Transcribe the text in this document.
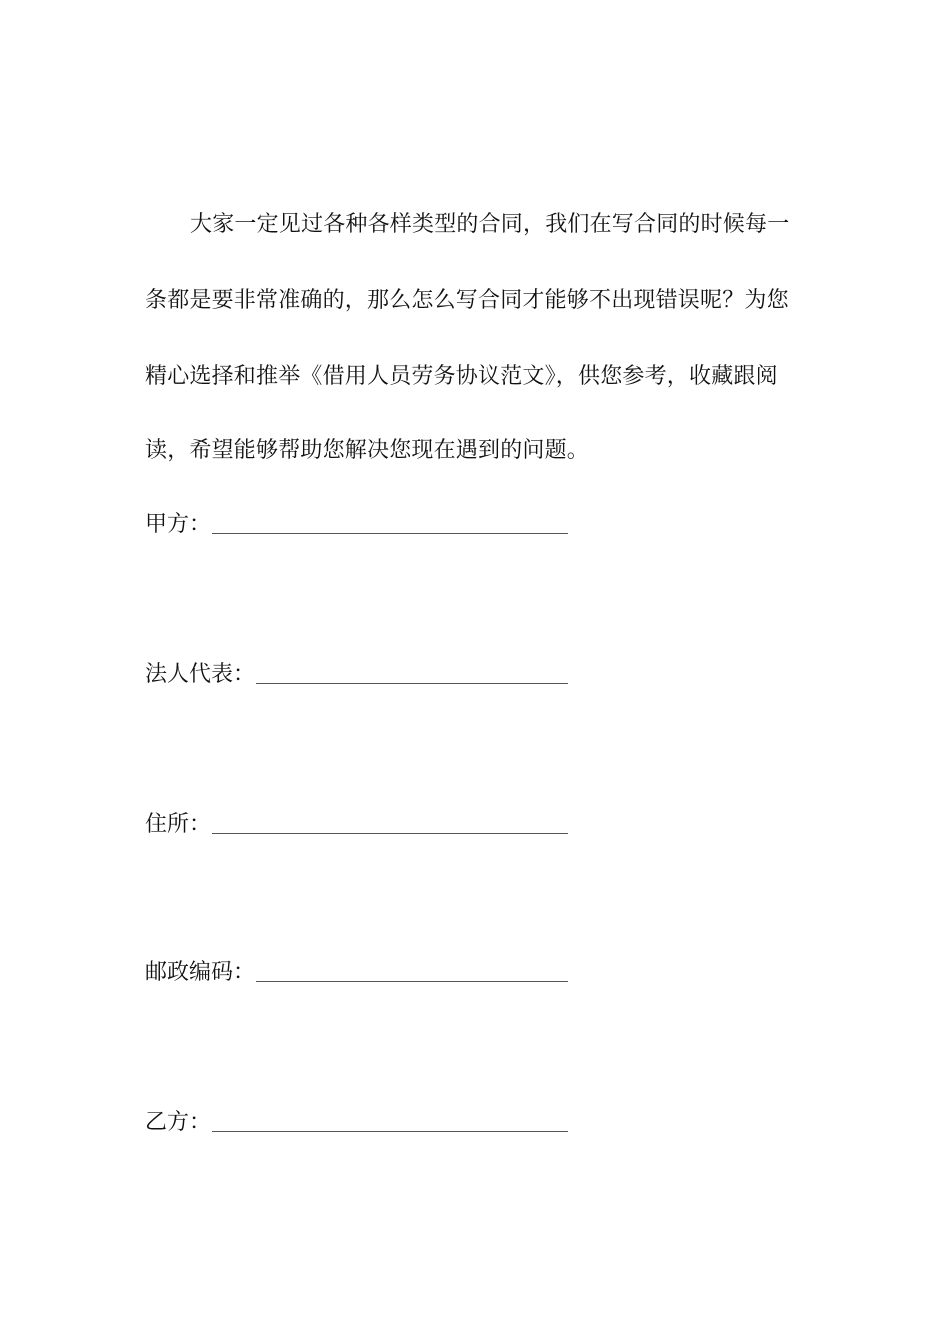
大家一定见过各种各样类型的合同，我们在写合同的时候每一
条都是要非常准确的，那么怎么写合同才能够不出现错误呢？为您
精心选择和推举《借用人员劳务协议范文》，供您参考，收藏跟阅
读，希望能够帮助您解决您现在遇到的问题。
甲方：
法人代表：
住所：
邮政编码：
乙方：
